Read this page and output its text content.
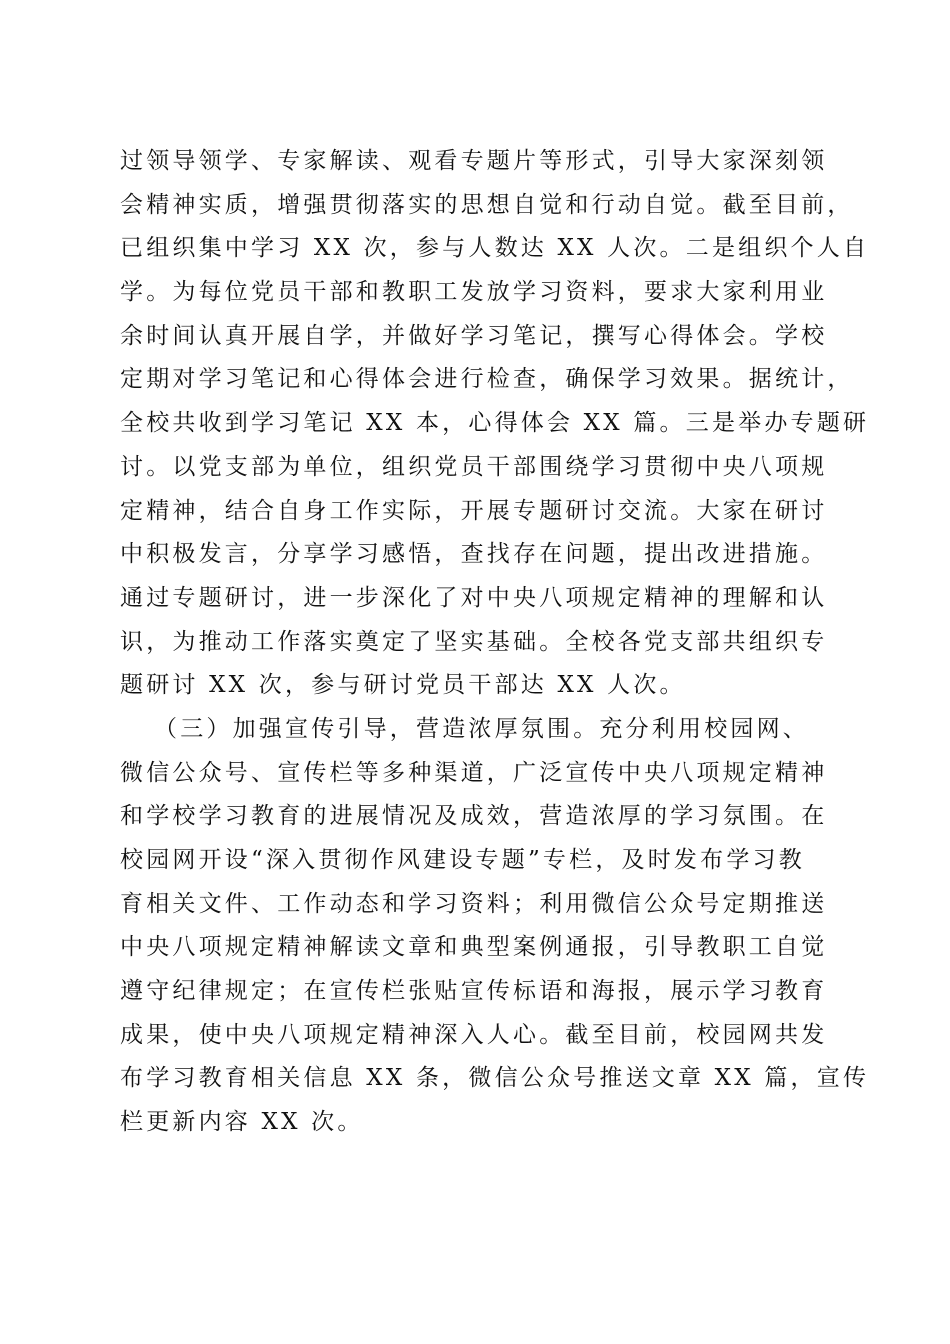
过领导领学、专家解读、观看专题片等形式，引导大家深刻领
会精神实质，增强贯彻落实的思想自觉和行动自觉。截至目前，
已组织集中学习 XX 次，参与人数达 XX 人次。二是组织个人自
学。为每位党员干部和教职工发放学习资料，要求大家利用业
余时间认真开展自学，并做好学习笔记，撰写心得体会。学校
定期对学习笔记和心得体会进行检查，确保学习效果。据统计，
全校共收到学习笔记 XX 本，心得体会 XX 篇。三是举办专题研
讨。以党支部为单位，组织党员干部围绕学习贯彻中央八项规
定精神，结合自身工作实际，开展专题研讨交流。大家在研讨
中积极发言，分享学习感悟，查找存在问题，提出改进措施。
通过专题研讨，进一步深化了对中央八项规定精神的理解和认
识，为推动工作落实奠定了坚实基础。全校各党支部共组织专
题研讨 XX 次，参与研讨党员干部达 XX 人次。
（三）加强宣传引导，营造浓厚氛围。充分利用校园网、
微信公众号、宣传栏等多种渠道，广泛宣传中央八项规定精神
和学校学习教育的进展情况及成效，营造浓厚的学习氛围。在
校园网开设“深入贯彻作风建设专题”专栏，及时发布学习教
育相关文件、工作动态和学习资料；利用微信公众号定期推送
中央八项规定精神解读文章和典型案例通报，引导教职工自觉
遵守纪律规定；在宣传栏张贴宣传标语和海报，展示学习教育
成果，使中央八项规定精神深入人心。截至目前，校园网共发
布学习教育相关信息 XX 条，微信公众号推送文章 XX 篇，宣传
栏更新内容 XX 次。
